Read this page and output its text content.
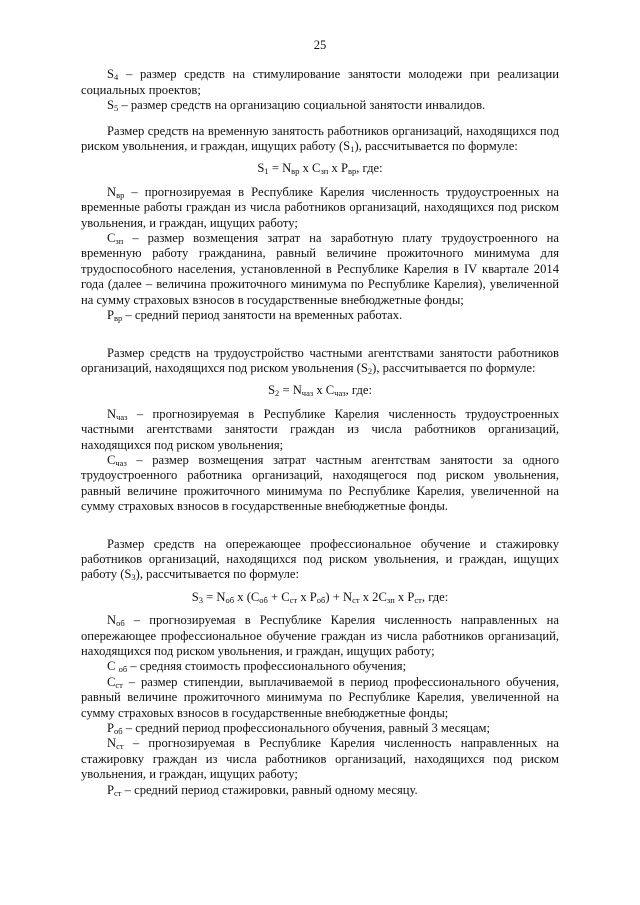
25

$S_4$ – размер средств на стимулирование занятости молодежи при реализации социальных проектов;

$S_5$ – размер средств на организацию социальной занятости инвалидов.

Размер средств на временную занятость работников организаций, находящихся под риском увольнения, и граждан, ищущих работу $(S_1)$, рассчитывается по формуле:

$S_1 = N_{вр}$ x $C_{зп}$ x $P_{вр}$, где:

$N_{вр}$ – прогнозируемая в Республике Карелия численность трудоустроенных на временные работы граждан из числа работников организаций, находящихся под риском увольнения, и граждан, ищущих работу;

$C_{зп}$ – размер возмещения затрат на заработную плату трудоустроенного на временную работу гражданина, равный величине прожиточного минимума для трудоспособного населения, установленной в Республике Карелия в IV квартале 2014 года (далее – величина прожиточного минимума по Республике Карелия), увеличенной на сумму страховых взносов в государственные внебюджетные фонды;

$P_{вр}$ – средний период занятости на временных работах.

Размер средств на трудоустройство частными агентствами занятости работников организаций, находящихся под риском увольнения $(S_2)$, рассчитывается по формуле:

$S_2 = N_{чаз}$ x $C_{чаз}$, где:

$N_{чаз}$ – прогнозируемая в Республике Карелия численность трудоустроенных частными агентствами занятости граждан из числа работников организаций, находящихся под риском увольнения;

$C_{чаз}$ – размер возмещения затрат частным агентствам занятости за одного трудоустроенного работника организаций, находящегося под риском увольнения, равный величине прожиточного минимума по Республике Карелия, увеличенной на сумму страховых взносов в государственные внебюджетные фонды.

Размер средств на опережающее профессиональное обучение и стажировку работников организаций, находящихся под риском увольнения, и граждан, ищущих работу $(S_3)$, рассчитывается по формуле:

$S_3 = N_{об}$ x ($C_{об} + C_{ст}$ x $P_{об}) + N_{ст}$ x $2C_{зп}$ x $P_{ст}$, где:

$N_{об}$ – прогнозируемая в Республике Карелия численность направленных на опережающее профессиональное обучение граждан из числа работников организаций, находящихся под риском увольнения, и граждан, ищущих работу;

C $_{об}$ – средняя стоимость профессионального обучения;

$C_{ст}$ – размер стипендии, выплачиваемой в период профессионального обучения, равный величине прожиточного минимума по Республике Карелия, увеличенной на сумму страховых взносов в государственные внебюджетные фонды;

$P_{об}$ – средний период профессионального обучения, равный 3 месяцам;

$N_{ст}$ – прогнозируемая в Республике Карелия численность направленных на стажировку граждан из числа работников организаций, находящихся под риском увольнения, и граждан, ищущих работу;

$P_{ст}$ – средний период стажировки, равный одному месяцу.
